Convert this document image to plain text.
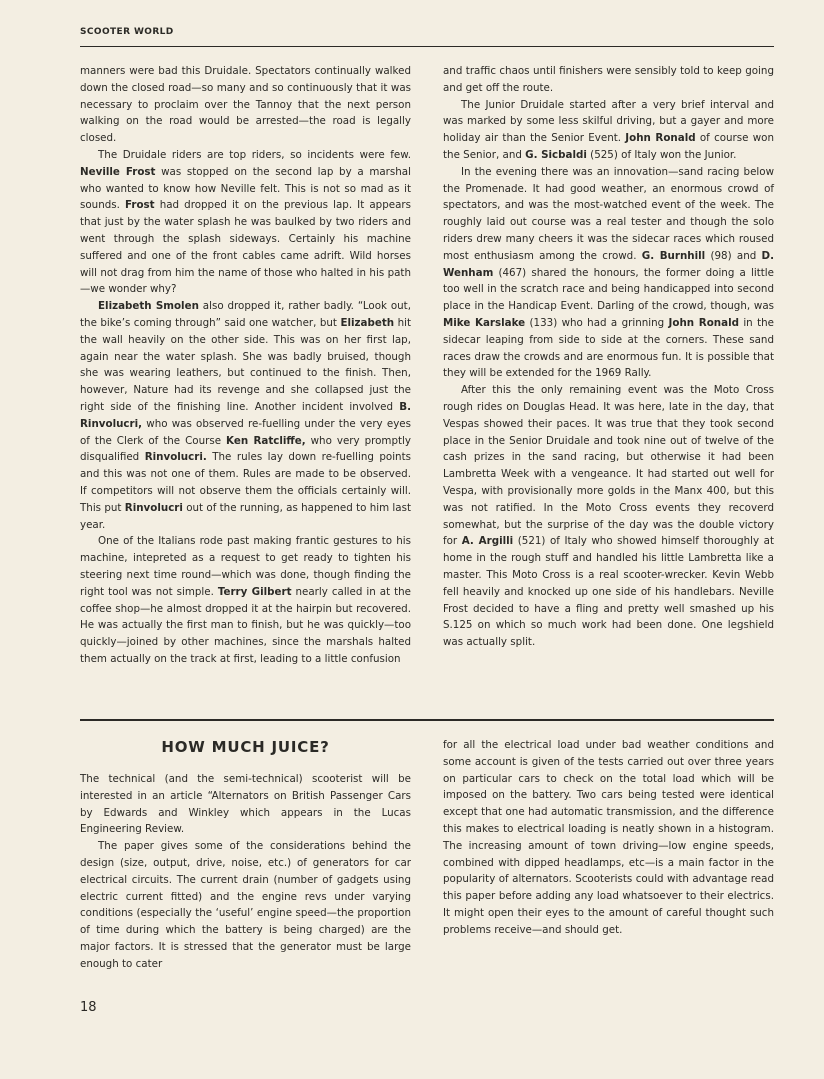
SCOOTER WORLD

manners were bad this Druidale. Spectators continually walked down the closed road—so many and so continuously that it was necessary to proclaim over the Tannoy that the next person walking on the road would be arrested—the road is legally closed.

The Druidale riders are top riders, so incidents were few. Neville Frost was stopped on the second lap by a marshal who wanted to know how Neville felt. This is not so mad as it sounds. Frost had dropped it on the previous lap. It appears that just by the water splash he was baulked by two riders and went through the splash sideways. Certainly his machine suffered and one of the front cables came adrift. Wild horses will not drag from him the name of those who halted in his path—we wonder why?

Elizabeth Smolen also dropped it, rather badly. “Look out, the bike’s coming through” said one watcher, but Elizabeth hit the wall heavily on the other side. This was on her first lap, again near the water splash. She was badly bruised, though she was wearing leathers, but continued to the finish. Then, however, Nature had its revenge and she collapsed just the right side of the finishing line. Another incident involved B. Rinvolucri, who was observed re-fuelling under the very eyes of the Clerk of the Course Ken Ratcliffe, who very promptly disqualified Rinvolucri. The rules lay down re-fuelling points and this was not one of them. Rules are made to be observed. If competitors will not observe them the officials certainly will. This put Rinvolucri out of the running, as happened to him last year.

One of the Italians rode past making frantic gestures to his machine, intepreted as a request to get ready to tighten his steering next time round—which was done, though finding the right tool was not simple. Terry Gilbert nearly called in at the coffee shop—he almost dropped it at the hairpin but recovered. He was actually the first man to finish, but he was quickly—too quickly—joined by other machines, since the marshals halted them actually on the track at first, leading to a little confusion

and traffic chaos until finishers were sensibly told to keep going and get off the route.

The Junior Druidale started after a very brief interval and was marked by some less skilful driving, but a gayer and more holiday air than the Senior Event. John Ronald of course won the Senior, and G. Sicbaldi (525) of Italy won the Junior.

In the evening there was an innovation—sand racing below the Promenade. It had good weather, an enormous crowd of spectators, and was the most-watched event of the week. The roughly laid out course was a real tester and though the solo riders drew many cheers it was the sidecar races which roused most enthusiasm among the crowd. G. Burnhill (98) and D. Wenham (467) shared the honours, the former doing a little too well in the scratch race and being handicapped into second place in the Handicap Event. Darling of the crowd, though, was Mike Karslake (133) who had a grinning John Ronald in the sidecar leaping from side to side at the corners. These sand races draw the crowds and are enormous fun. It is possible that they will be extended for the 1969 Rally.

After this the only remaining event was the Moto Cross rough rides on Douglas Head. It was here, late in the day, that Vespas showed their paces. It was true that they took second place in the Senior Druidale and took nine out of twelve of the cash prizes in the sand racing, but otherwise it had been Lambretta Week with a vengeance. It had started out well for Vespa, with provisionally more golds in the Manx 400, but this was not ratified. In the Moto Cross events they recoverd somewhat, but the surprise of the day was the double victory for A. Argilli (521) of Italy who showed himself thoroughly at home in the rough stuff and handled his little Lambretta like a master. This Moto Cross is a real scooter-wrecker. Kevin Webb fell heavily and knocked up one side of his handlebars. Neville Frost decided to have a fling and pretty well smashed up his S.125 on which so much work had been done. One legshield was actually split.

HOW MUCH JUICE?

The technical (and the semi-technical) scooterist will be interested in an article “Alternators on British Passenger Cars by Edwards and Winkley which appears in the Lucas Engineering Review.

The paper gives some of the considerations behind the design (size, output, drive, noise, etc.) of generators for car electrical circuits. The current drain (number of gadgets using electric current fitted) and the engine revs under varying conditions (especially the ‘useful’ engine speed—the proportion of time during which the battery is being charged) are the major factors. It is stressed that the generator must be large enough to cater

for all the electrical load under bad weather conditions and some account is given of the tests carried out over three years on particular cars to check on the total load which will be imposed on the battery. Two cars being tested were identical except that one had automatic transmission, and the difference this makes to electrical loading is neatly shown in a histogram. The increasing amount of town driving—low engine speeds, combined with dipped headlamps, etc—is a main factor in the popularity of alternators. Scooterists could with advantage read this paper before adding any load whatsoever to their electrics. It might open their eyes to the amount of careful thought such problems receive—and should get.

18
